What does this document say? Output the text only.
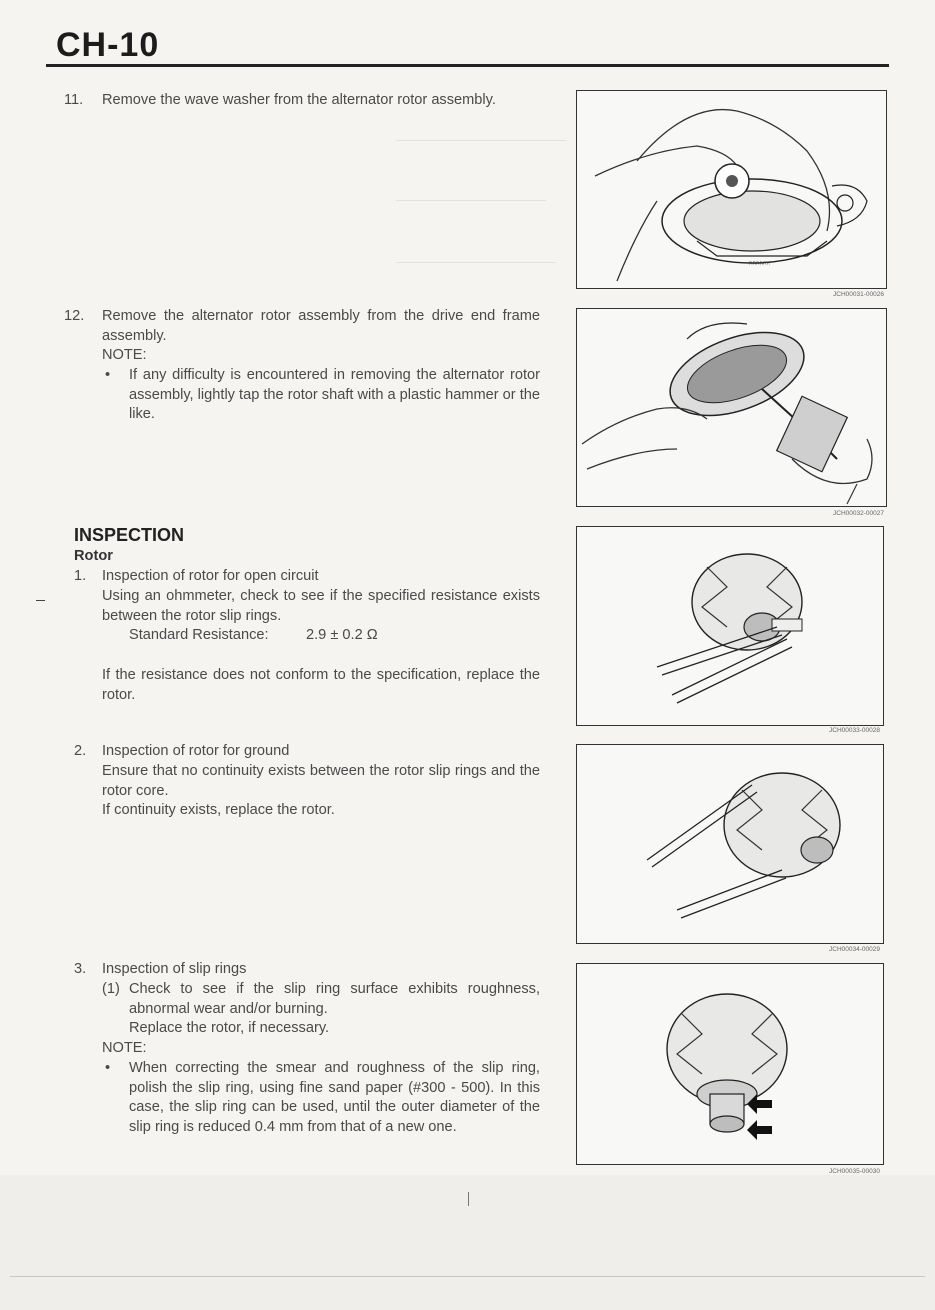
CH-10
11. Remove the wave washer from the alternator rotor assembly.
ᴿᴿᴿᴿᴿᴿ
JCH00031-00026
12. Remove the alternator rotor assembly from the drive end frame assembly.
NOTE:
• If any difficulty is encountered in removing the alternator rotor assembly, lightly tap the rotor shaft with a plastic hammer or the like.
JCH00032-00027
INSPECTION
Rotor
1. Inspection of rotor for open circuit
Using an ohmmeter, check to see if the specified resistance exists between the rotor slip rings.
Standard Resistance:	2.9 ± 0.2 Ω
If the resistance does not conform to the specification, replace the rotor.
JCH00033-00028
2. Inspection of rotor for ground
Ensure that no continuity exists between the rotor slip rings and the rotor core.
If continuity exists, replace the rotor.
JCH00034-00029
3. Inspection of slip rings
(1) Check to see if the slip ring surface exhibits roughness, abnormal wear and/or burning.
Replace the rotor, if necessary.
NOTE:
• When correcting the smear and roughness of the slip ring, polish the slip ring, using fine sand paper (#300 - 500). In this case, the slip ring can be used, until the outer diameter of the slip ring is reduced 0.4 mm from that of a new one.
JCH00035-00030
